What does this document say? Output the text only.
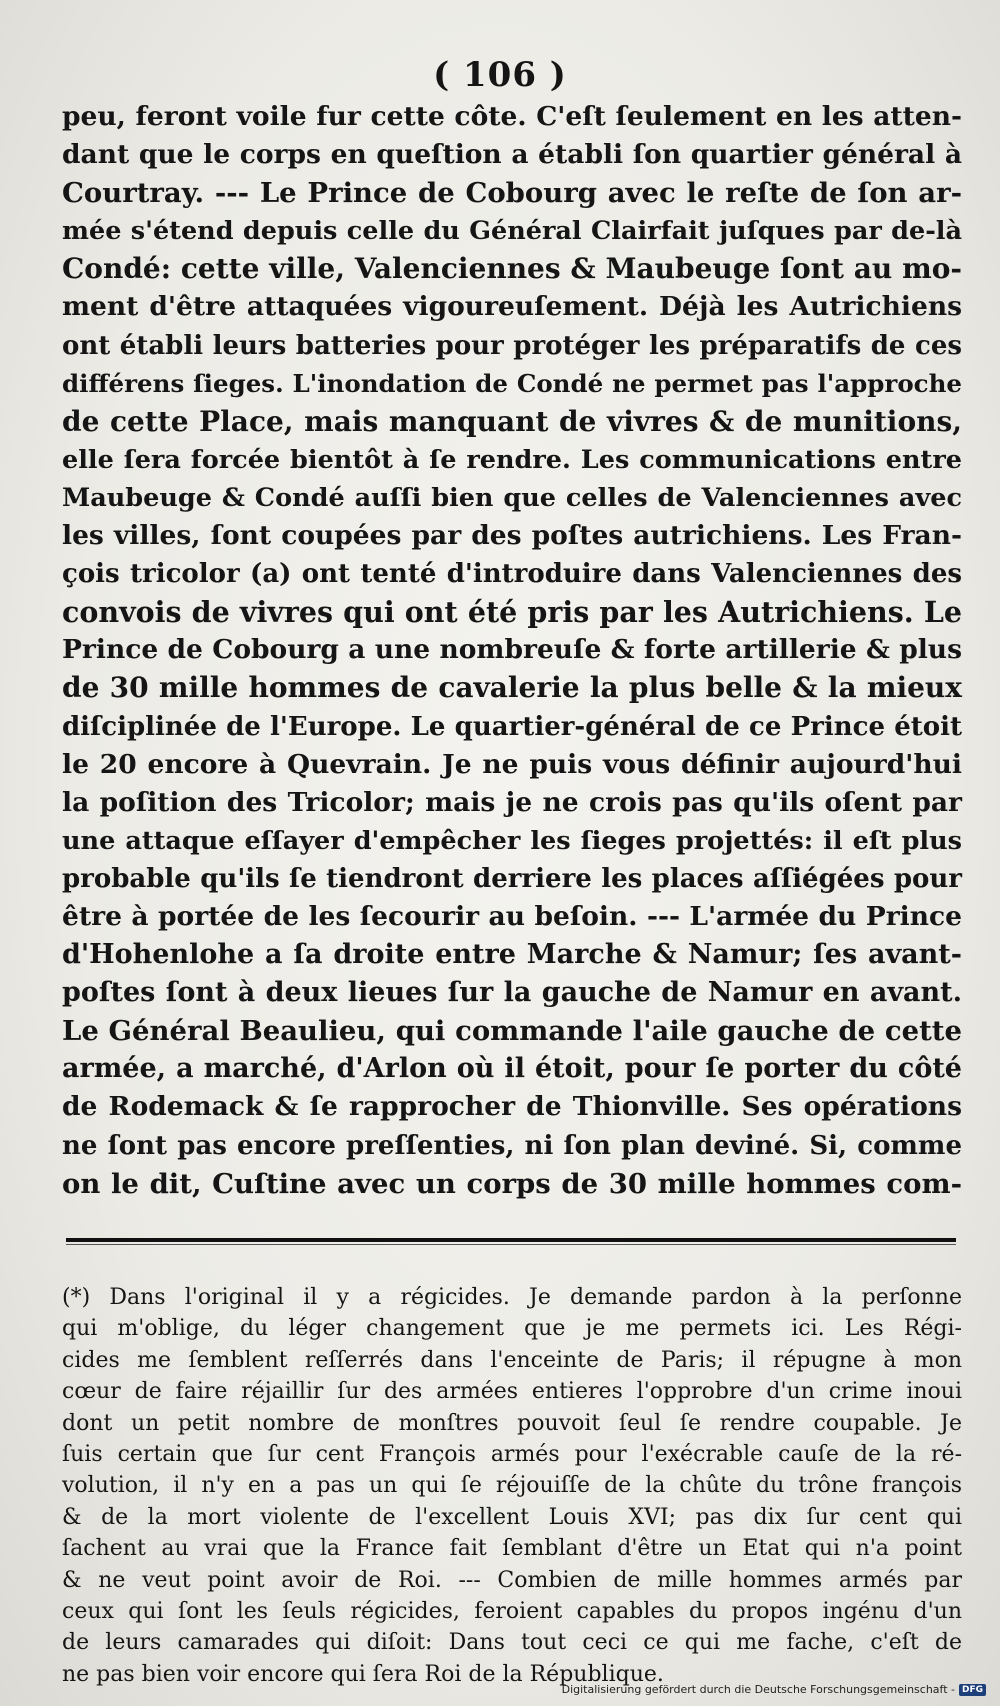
( 106 )
peu, feront voile fur cette côte. C'eſt ſeulement en les atten-
dant que le corps en queſtion a établi ſon quartier général à
Courtray. --- Le Prince de Cobourg avec le reſte de ſon ar-
mée s'étend depuis celle du Général Clairfait juſques par de-là
Condé: cette ville, Valenciennes & Maubeuge ſont au mo-
ment d'être attaquées vigoureuſement. Déjà les Autrichiens
ont établi leurs batteries pour protéger les préparatifs de ces
différens ſieges. L'inondation de Condé ne permet pas l'approche
de cette Place, mais manquant de vivres & de munitions,
elle ſera forcée bientôt à ſe rendre. Les communications entre
Maubeuge & Condé auſſi bien que celles de Valenciennes avec
les villes, ſont coupées par des poſtes autrichiens. Les Fran-
çois tricolor (a) ont tenté d'introduire dans Valenciennes des
convois de vivres qui ont été pris par les Autrichiens. Le
Prince de Cobourg a une nombreuſe & forte artillerie & plus
de 30 mille hommes de cavalerie la plus belle & la mieux
diſciplinée de l'Europe. Le quartier-général de ce Prince étoit
le 20 encore à Quevrain. Je ne puis vous définir aujourd'hui
la poſition des Tricolor; mais je ne crois pas qu'ils oſent par
une attaque eſſayer d'empêcher les ſieges projettés: il eſt plus
probable qu'ils ſe tiendront derriere les places aſſiégées pour
être à portée de les ſecourir au beſoin. --- L'armée du Prince
d'Hohenlohe a ſa droite entre Marche & Namur; ſes avant-
poſtes ſont à deux lieues ſur la gauche de Namur en avant.
Le Général Beaulieu, qui commande l'aile gauche de cette
armée, a marché, d'Arlon où il étoit, pour ſe porter du côté
de Rodemack & ſe rapprocher de Thionville. Ses opérations
ne ſont pas encore preſſenties, ni ſon plan deviné. Si, comme
on le dit, Cuſtine avec un corps de 30 mille hommes com-
(*) Dans l'original il y a régicides. Je demande pardon à la perſonne
qui m'oblige, du léger changement que je me permets ici. Les Régi-
cides me ſemblent reſſerrés dans l'enceinte de Paris; il répugne à mon
cœur de faire réjaillir ſur des armées entieres l'opprobre d'un crime inoui
dont un petit nombre de monſtres pouvoit ſeul ſe rendre coupable. Je
ſuis certain que ſur cent François armés pour l'exécrable cauſe de la ré-
volution, il n'y en a pas un qui ſe réjouiſſe de la chûte du trône françois
& de la mort violente de l'excellent Louis XVI; pas dix ſur cent qui
ſachent au vrai que la France fait ſemblant d'être un Etat qui n'a point
& ne veut point avoir de Roi. --- Combien de mille hommes armés par
ceux qui ſont les ſeuls régicides, feroient capables du propos ingénu d'un
de leurs camarades qui diſoit: Dans tout ceci ce qui me fache, c'eſt de
ne pas bien voir encore qui ſera Roi de la République.
Digitalisierung gefördert durch die Deutsche Forschungsgemeinschaft - DFG
